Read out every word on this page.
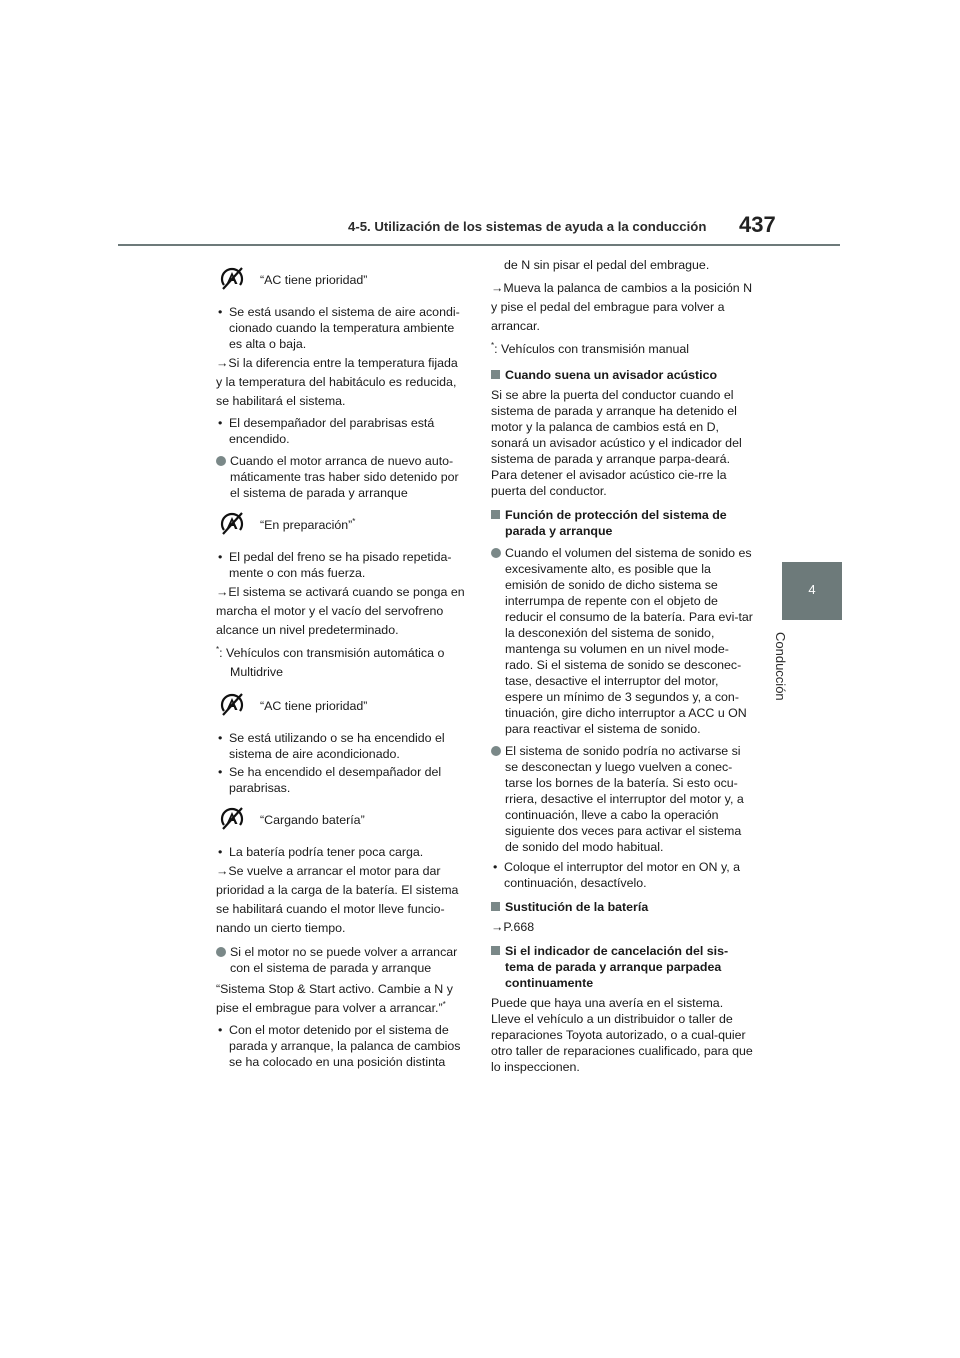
4-5. Utilización de los sistemas de ayuda a la conducción 437
4
Conducción
“AC tiene prioridad”
• Se está usando el sistema de aire acondi-cionado cuando la temperatura ambiente es alta o baja.
→Si la diferencia entre la temperatura fijada y la temperatura del habitáculo es reducida, se habilitará el sistema.
• El desempañador del parabrisas está encendido.
Cuando el motor arranca de nuevo auto-máticamente tras haber sido detenido por el sistema de parada y arranque
“En preparación”*
• El pedal del freno se ha pisado repetida-mente o con más fuerza.
→El sistema se activará cuando se ponga en marcha el motor y el vacío del servofreno alcance un nivel predeterminado.
*: Vehículos con transmisión automática o Multidrive
“AC tiene prioridad”
• Se está utilizando o se ha encendido el sistema de aire acondicionado.
• Se ha encendido el desempañador del parabrisas.
“Cargando batería”
• La batería podría tener poca carga.
→Se vuelve a arrancar el motor para dar prioridad a la carga de la batería. El sistema se habilitará cuando el motor lleve funcio-nando un cierto tiempo.
Si el motor no se puede volver a arrancar con el sistema de parada y arranque
“Sistema Stop & Start activo. Cambie a N y pise el embrague para volver a arrancar.”*
• Con el motor detenido por el sistema de parada y arranque, la palanca de cambios se ha colocado en una posición distinta
de N sin pisar el pedal del embrague.
→Mueva la palanca de cambios a la posición N y pise el pedal del embrague para volver a arrancar.
*: Vehículos con transmisión manual
Cuando suena un avisador acústico
Si se abre la puerta del conductor cuando el sistema de parada y arranque ha detenido el motor y la palanca de cambios está en D, sonará un avisador acústico y el indicador del sistema de parada y arranque parpa-deará. Para detener el avisador acústico cie-rre la puerta del conductor.
Función de protección del sistema de parada y arranque
Cuando el volumen del sistema de sonido es excesivamente alto, es posible que la emisión de sonido de dicho sistema se interrumpa de repente con el objeto de reducir el consumo de la batería. Para evi-tar la desconexión del sistema de sonido, mantenga su volumen en un nivel mode-rado. Si el sistema de sonido se desconec-tase, desactive el interruptor del motor, espere un mínimo de 3 segundos y, a con-tinuación, gire dicho interruptor a ACC u ON para reactivar el sistema de sonido.
El sistema de sonido podría no activarse si se desconectan y luego vuelven a conec-tarse los bornes de la batería. Si esto ocu-rriera, desactive el interruptor del motor y, a continuación, lleve a cabo la operación siguiente dos veces para activar el sistema de sonido del modo habitual.
• Coloque el interruptor del motor en ON y, a continuación, desactívelo.
Sustitución de la batería
→P.668
Si el indicador de cancelación del sis-tema de parada y arranque parpadea continuamente
Puede que haya una avería en el sistema. Lleve el vehículo a un distribuidor o taller de reparaciones Toyota autorizado, o a cual-quier otro taller de reparaciones cualificado, para que lo inspeccionen.
